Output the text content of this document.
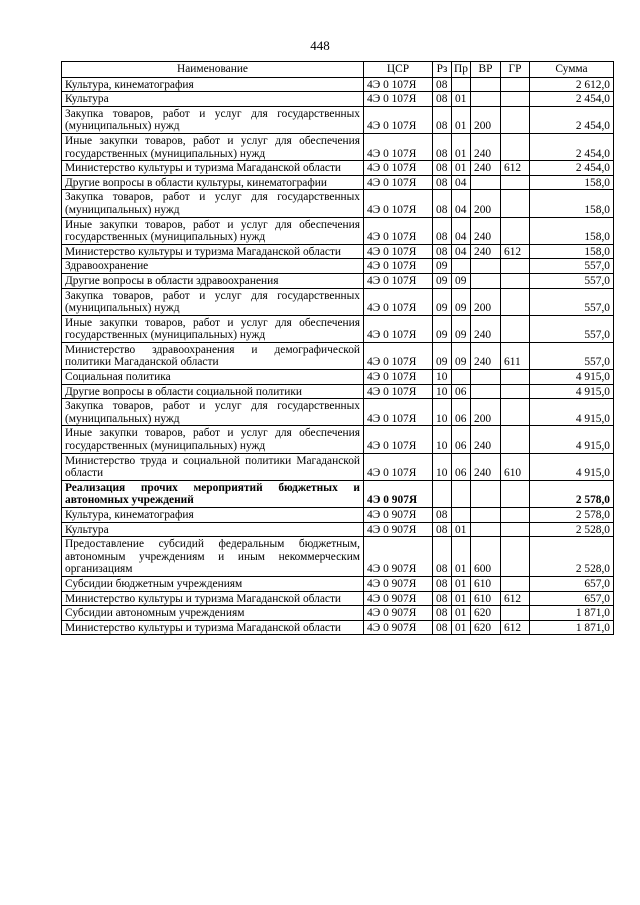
448
Наименование	ЦСР	Рз	Пр	ВР	ГР	Сумма
Культура, кинематография	4Э 0 107Я	08				2 612,0
Культура	4Э 0 107Я	08	01			2 454,0
Закупка товаров, работ и услуг для государственных (муниципальных) нужд	4Э 0 107Я	08	01	200		2 454,0
Иные закупки товаров, работ и услуг для обеспечения государственных (муниципальных) нужд	4Э 0 107Я	08	01	240		2 454,0
Министерство культуры и туризма Магаданской области	4Э 0 107Я	08	01	240	612	2 454,0
Другие вопросы в области культуры, кинематографии	4Э 0 107Я	08	04			158,0
Закупка товаров, работ и услуг для государственных (муниципальных) нужд	4Э 0 107Я	08	04	200		158,0
Иные закупки товаров, работ и услуг для обеспечения государственных (муниципальных) нужд	4Э 0 107Я	08	04	240		158,0
Министерство культуры и туризма Магаданской области	4Э 0 107Я	08	04	240	612	158,0
Здравоохранение	4Э 0 107Я	09				557,0
Другие вопросы в области здравоохранения	4Э 0 107Я	09	09			557,0
Закупка товаров, работ и услуг для государственных (муниципальных) нужд	4Э 0 107Я	09	09	200		557,0
Иные закупки товаров, работ и услуг для обеспечения государственных (муниципальных) нужд	4Э 0 107Я	09	09	240		557,0
Министерство здравоохранения и демографической политики Магаданской области	4Э 0 107Я	09	09	240	611	557,0
Социальная политика	4Э 0 107Я	10				4 915,0
Другие вопросы в области социальной политики	4Э 0 107Я	10	06			4 915,0
Закупка товаров, работ и услуг для государственных (муниципальных) нужд	4Э 0 107Я	10	06	200		4 915,0
Иные закупки товаров, работ и услуг для обеспечения государственных (муниципальных) нужд	4Э 0 107Я	10	06	240		4 915,0
Министерство труда и социальной политики Магаданской области	4Э 0 107Я	10	06	240	610	4 915,0
Реализация прочих мероприятий бюджетных и автономных учреждений	4Э 0 907Я					2 578,0
Культура, кинематография	4Э 0 907Я	08				2 578,0
Культура	4Э 0 907Я	08	01			2 528,0
Предоставление субсидий федеральным бюджетным, автономным учреждениям и иным некоммерческим организациям	4Э 0 907Я	08	01	600		2 528,0
Субсидии бюджетным учреждениям	4Э 0 907Я	08	01	610		657,0
Министерство культуры и туризма Магаданской области	4Э 0 907Я	08	01	610	612	657,0
Субсидии автономным учреждениям	4Э 0 907Я	08	01	620		1 871,0
Министерство культуры и туризма Магаданской области	4Э 0 907Я	08	01	620	612	1 871,0
